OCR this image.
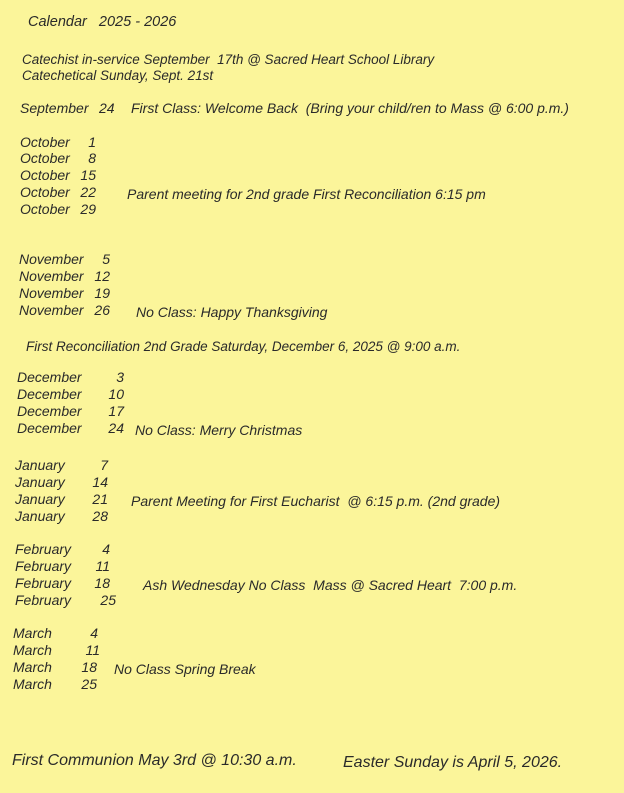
Calendar   2025 - 2026
Catechist in-service September  17th @ Sacred Heart School Library
Catechetical Sunday, Sept. 21st
September 24 First Class: Welcome Back  (Bring your child/ren to Mass @ 6:00 p.m.)
October	1
October	8
October 15
October 22 Parent meeting for 2nd grade First Reconciliation 6:15 pm
October 29
November	5
November 12
November 19
November 26 No Class: Happy Thanksgiving
First Reconciliation 2nd Grade Saturday, December 6, 2025 @ 9:00 a.m.
December	3
December	10
December	17
December	24 No Class: Merry Christmas
January	7
January	14
January	21 Parent Meeting for First Eucharist  @ 6:15 p.m. (2nd grade)
January	28
February	4
February	11
February	18 Ash Wednesday No Class  Mass @ Sacred Heart  7:00 p.m.
February	25
March	4
March	11
March	18 No Class Spring Break
March	25
First Communion May 3rd @ 10:30 a.m.	Easter Sunday is April 5, 2026.
